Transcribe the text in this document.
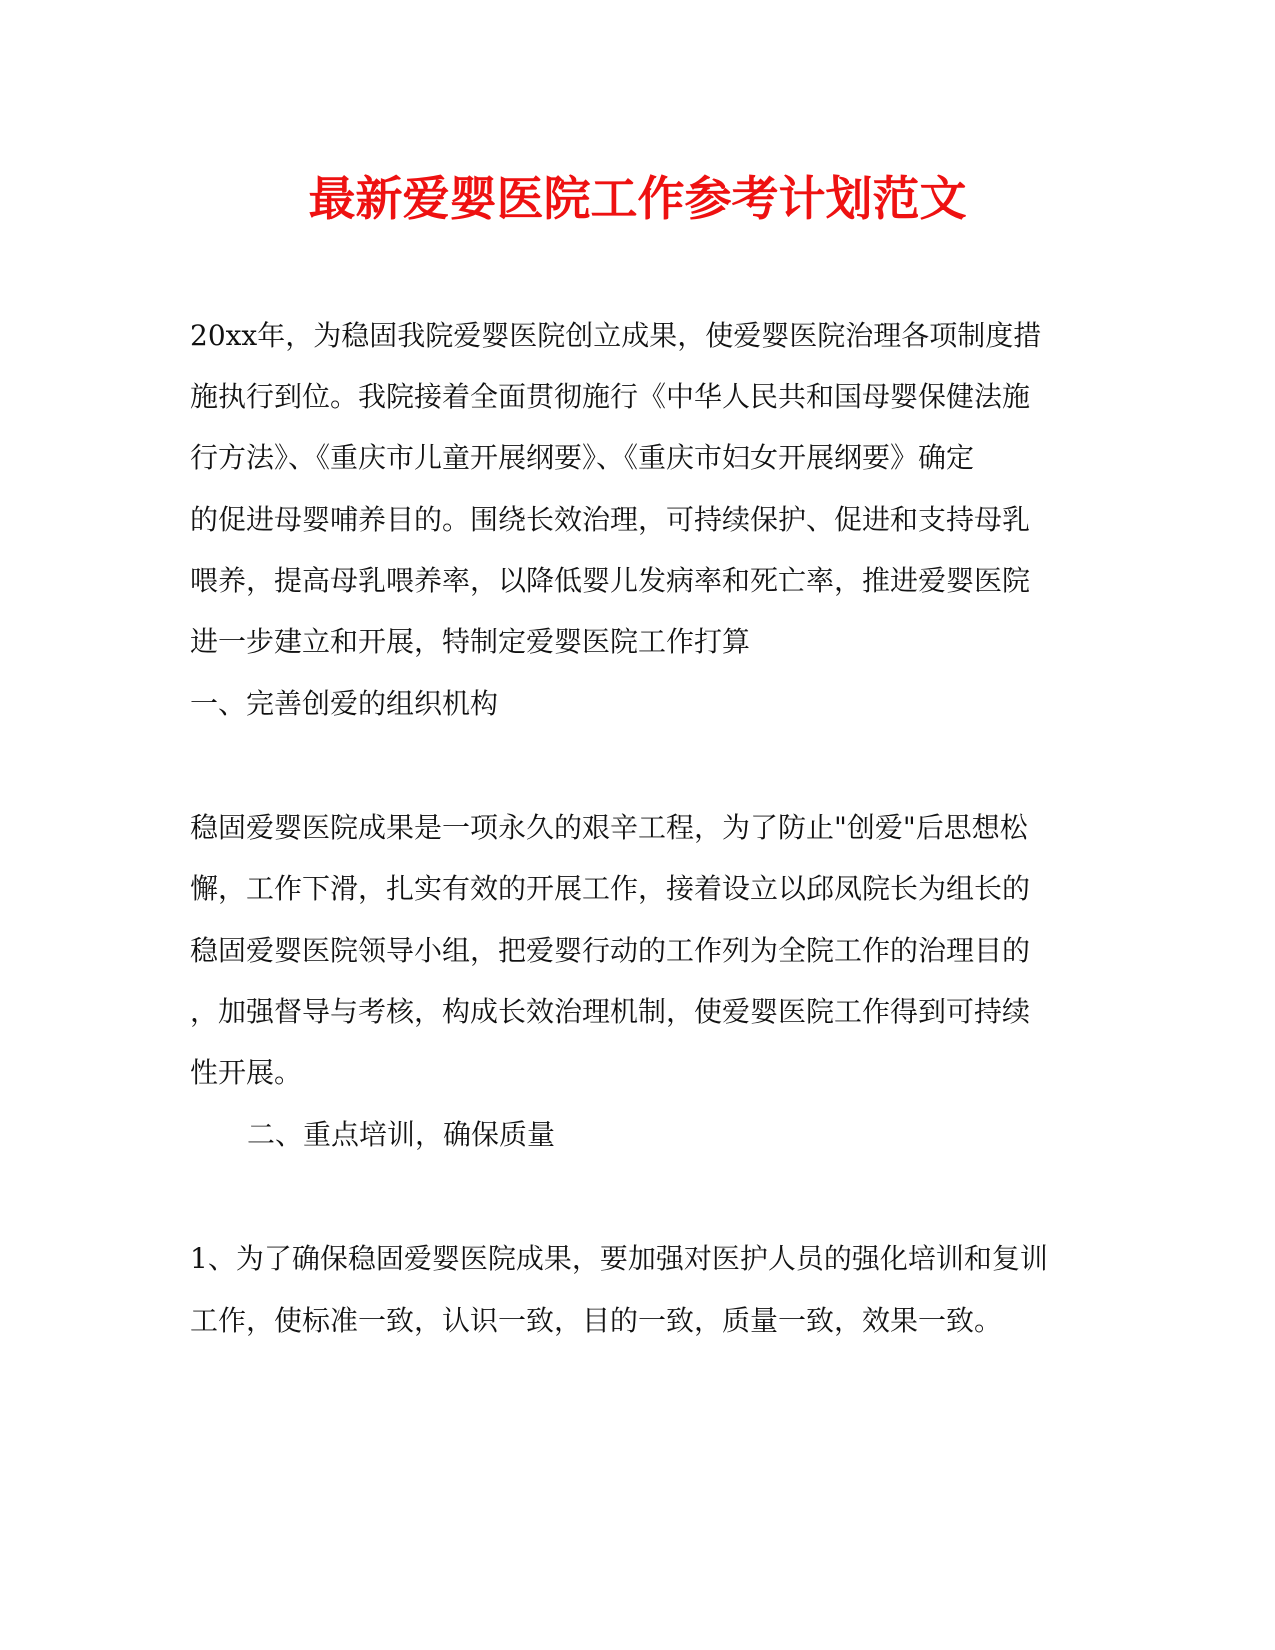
最新爱婴医院工作参考计划范文
20xx年，为稳固我院爱婴医院创立成果，使爱婴医院治理各项制度措
施执行到位。我院接着全面贯彻施行《中华人民共和国母婴保健法施
行方法》、《重庆市儿童开展纲要》、《重庆市妇女开展纲要》确定
的促进母婴哺养目的。围绕长效治理，可持续保护、促进和支持母乳
喂养，提高母乳喂养率，以降低婴儿发病率和死亡率，推进爱婴医院
进一步建立和开展，特制定爱婴医院工作打算
一、完善创爱的组织机构
稳固爱婴医院成果是一项永久的艰辛工程，为了防止"创爱"后思想松
懈，工作下滑，扎实有效的开展工作，接着设立以邱凤院长为组长的
稳固爱婴医院领导小组，把爱婴行动的工作列为全院工作的治理目的
，加强督导与考核，构成长效治理机制，使爱婴医院工作得到可持续
性开展。
二、重点培训，确保质量
1、为了确保稳固爱婴医院成果，要加强对医护人员的强化培训和复训
工作，使标准一致，认识一致，目的一致，质量一致，效果一致。
